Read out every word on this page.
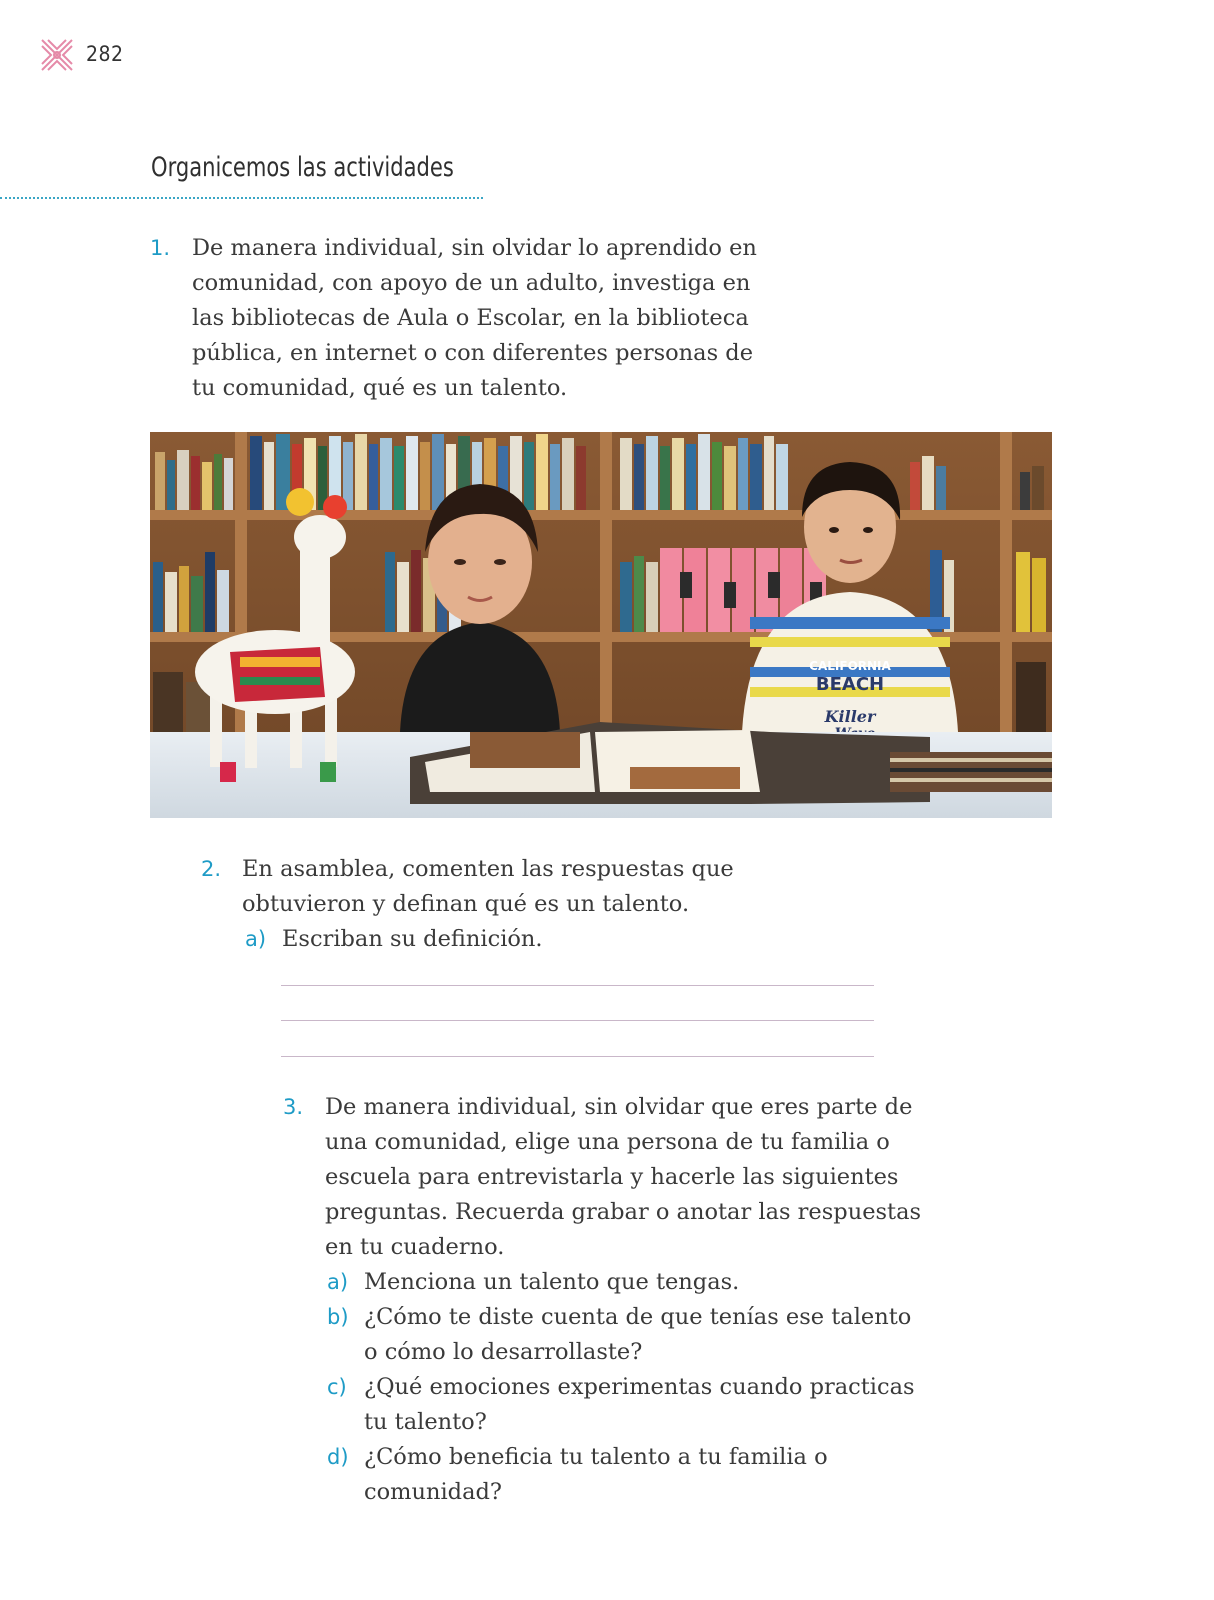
282
Organicemos las actividades
1. De manera individual, sin olvidar lo aprendido en
comunidad, con apoyo de un adulto, investiga en
las bibliotecas de Aula o Escolar, en la biblioteca
pública, en internet o con diferentes personas de
tu comunidad, qué es un talento.
CALIFORNIA
BEACH
Killer
2. En asamblea, comenten las respuestas que
obtuvieron y definan qué es un talento.
a) Escriban su definición.
3. De manera individual, sin olvidar que eres parte de
una comunidad, elige una persona de tu familia o
escuela para entrevistarla y hacerle las siguientes
preguntas. Recuerda grabar o anotar las respuestas
en tu cuaderno.
a) Menciona un talento que tengas.
b) ¿Cómo te diste cuenta de que tenías ese talento
o cómo lo desarrollaste?
c) ¿Qué emociones experimentas cuando practicas
tu talento?
d) ¿Cómo beneficia tu talento a tu familia o
comunidad?
